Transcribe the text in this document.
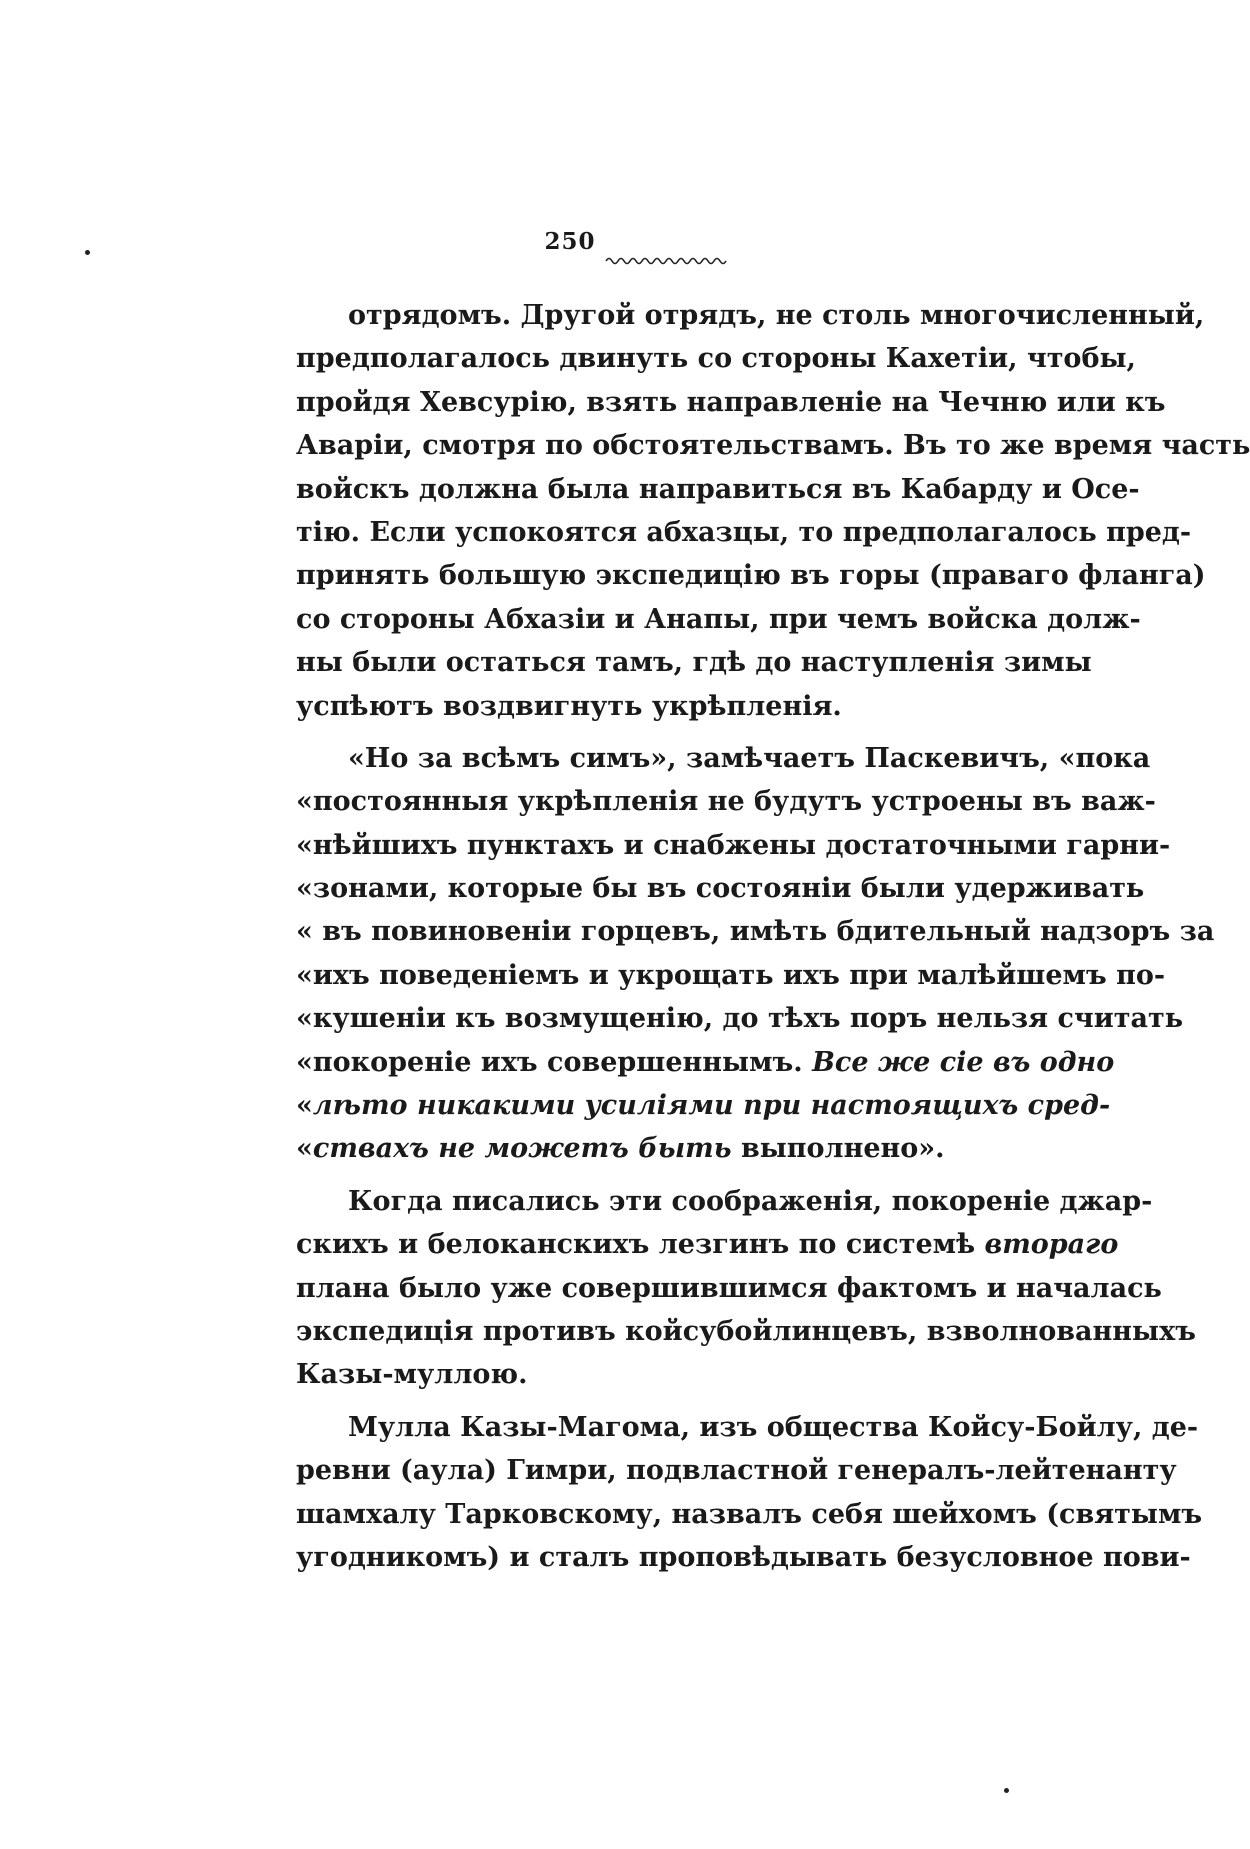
250
отрядомъ. Другой отрядъ, не столь многочисленный,
предполагалось двинуть со стороны Кахетіи, чтобы,
пройдя Хевсурію, взять направленіе на Чечню или къ
Аваріи, смотря по обстоятельствамъ. Въ то же время часть
войскъ должна была направиться въ Кабарду и Осе-
тію. Если успокоятся абхазцы, то предполагалось пред-
принять большую экспедицію въ горы (праваго фланга)
со стороны Абхазіи и Анапы, при чемъ войска долж-
ны были остаться тамъ, гдѣ до наступленія зимы
успѣютъ воздвигнуть укрѣпленія.
«Но за всѣмъ симъ», замѣчаетъ Паскевичъ, «пока
«постоянныя укрѣпленія не будутъ устроены въ важ-
«нѣйшихъ пунктахъ и снабжены достаточными гарни-
«зонами, которые бы въ состояніи были удерживать
« въ повиновеніи горцевъ, имѣть бдительный надзоръ за
«ихъ поведеніемъ и укрощать ихъ при малѣйшемъ по-
«кушеніи къ возмущенію, до тѣхъ поръ нельзя считать
«покореніе ихъ совершеннымъ. Все же сіе въ одно
«лѣто никакими усиліями при настоящихъ сред-
«ствахъ не можетъ быть выполнено».
Когда писались эти соображенія, покореніе джар-
скихъ и белоканскихъ лезгинъ по системѣ втораго
плана было уже совершившимся фактомъ и началась
экспедиція противъ койсубойлинцевъ, взволнованныхъ
Казы-муллою.
Мулла Казы-Магома, изъ общества Койсу-Бойлу, де-
ревни (аула) Гимри, подвластной генералъ-лейтенанту
шамхалу Тарковскому, назвалъ себя шейхомъ (святымъ
угодникомъ) и сталъ проповѣдывать безусловное пови-
